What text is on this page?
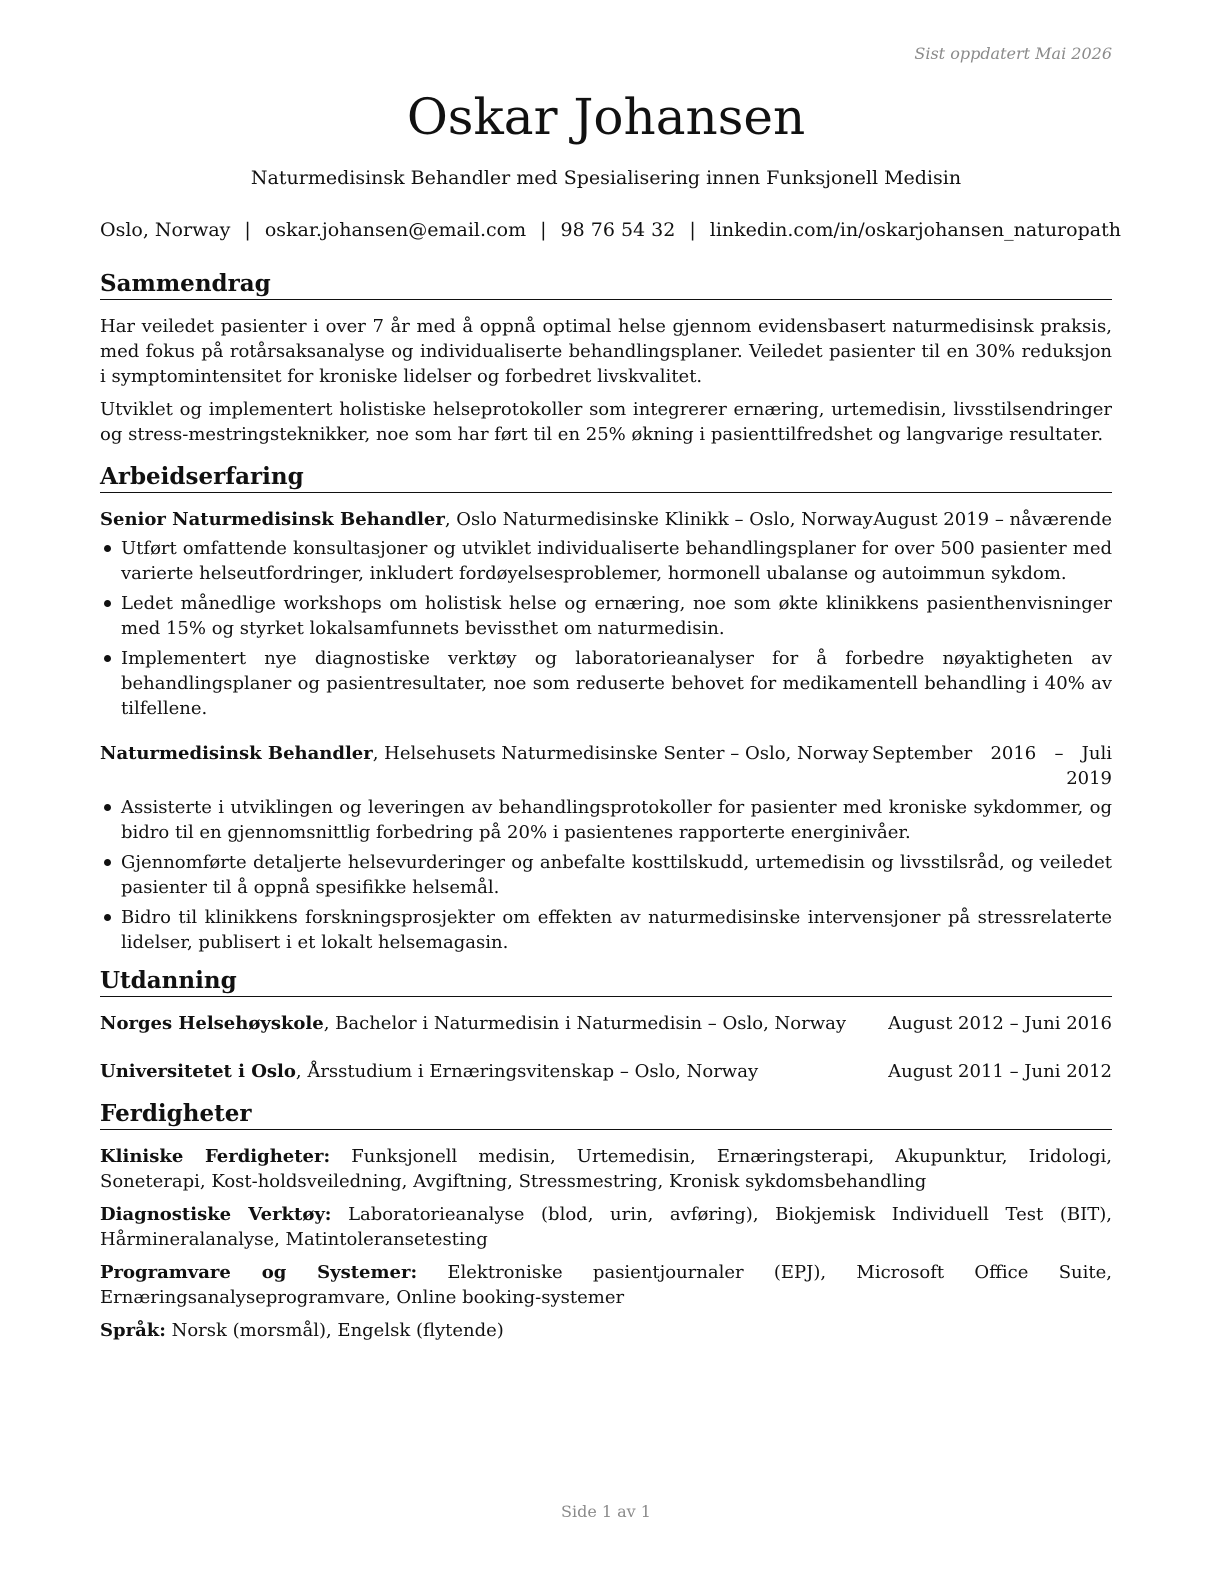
Sist oppdatert Mai 2026
Oskar Johansen
Naturmedisinsk Behandler med Spesialisering innen Funksjonell Medisin
Oslo, Norway | oskar.johansen@email.com | 98 76 54 32 | linkedin.com/in/oskarjohansen_naturopath
Sammendrag

Har veiledet pasienter i over 7 år med å oppnå optimal helse gjennom evidensbasert naturmedisinsk praksis, med fokus på rotårsaksanalyse og individualiserte behandlingsplaner. Veiledet pasienter til en 30% reduksjon i symptomintensitet for kroniske lidelser og forbedret livskvalitet.

Utviklet og implementert holistiske helseprotokoller som integrerer ernæring, urtemedisin, livsstilsendringer og stress-mestringsteknikker, noe som har ført til en 25% økning i pasienttilfredshet og langvarige resultater.

Arbeidserfaring
Senior Naturmedisinsk Behandler, Oslo Naturmedisinske Klinikk – Oslo, Norway August 2019 – nåværende
Utført omfattende konsultasjoner og utviklet individualiserte behandlingsplaner for over 500 pasienter med varierte helseutfordringer, inkludert fordøyelsesproblemer, hormonell ubalanse og autoimmun sykdom.
Ledet månedlige workshops om holistisk helse og ernæring, noe som økte klinikkens pasienthenvisninger med 15% og styrket lokalsamfunnets bevissthet om naturmedisin.
Implementert nye diagnostiske verktøy og laboratorieanalyser for å forbedre nøyaktigheten av behandlingsplaner og pasientresultater, noe som reduserte behovet for medikamentell behandling i 40% av tilfellene.
Naturmedisinsk Behandler, Helsehusets Naturmedisinske Senter – Oslo, Norway September 2016 – Juli 2019
Assisterte i utviklingen og leveringen av behandlingsprotokoller for pasienter med kroniske sykdommer, og bidro til en gjennomsnittlig forbedring på 20% i pasientenes rapporterte energinivåer.
Gjennomførte detaljerte helsevurderinger og anbefalte kosttilskudd, urtemedisin og livsstilsråd, og veiledet pasienter til å oppnå spesifikke helsemål.
Bidro til klinikkens forskningsprosjekter om effekten av naturmedisinske intervensjoner på stressrelaterte lidelser, publisert i et lokalt helsemagasin.
Utdanning
Norges Helsehøyskole, Bachelor i Naturmedisin i Naturmedisin – Oslo, Norway	August 2012 – Juni 2016
Universitetet i Oslo, Årsstudium i Ernæringsvitenskap – Oslo, Norway	August 2011 – Juni 2012
Ferdigheter
Kliniske Ferdigheter: Funksjonell medisin, Urtemedisin, Ernæringsterapi, Akupunktur, Iridologi, Soneterapi, Kost-holdsveiledning, Avgiftning, Stressmestring, Kronisk sykdomsbehandling
Diagnostiske Verktøy: Laboratorieanalyse (blod, urin, avføring), Biokjemisk Individuell Test (BIT), Hårmineralanalyse, Matintoleransetesting
Programvare og Systemer: Elektroniske pasientjournaler (EPJ), Microsoft Office Suite, Ernæringsanalyseprogramvare, Online booking-systemer
Språk: Norsk (morsmål), Engelsk (flytende)
Side 1 av 1
